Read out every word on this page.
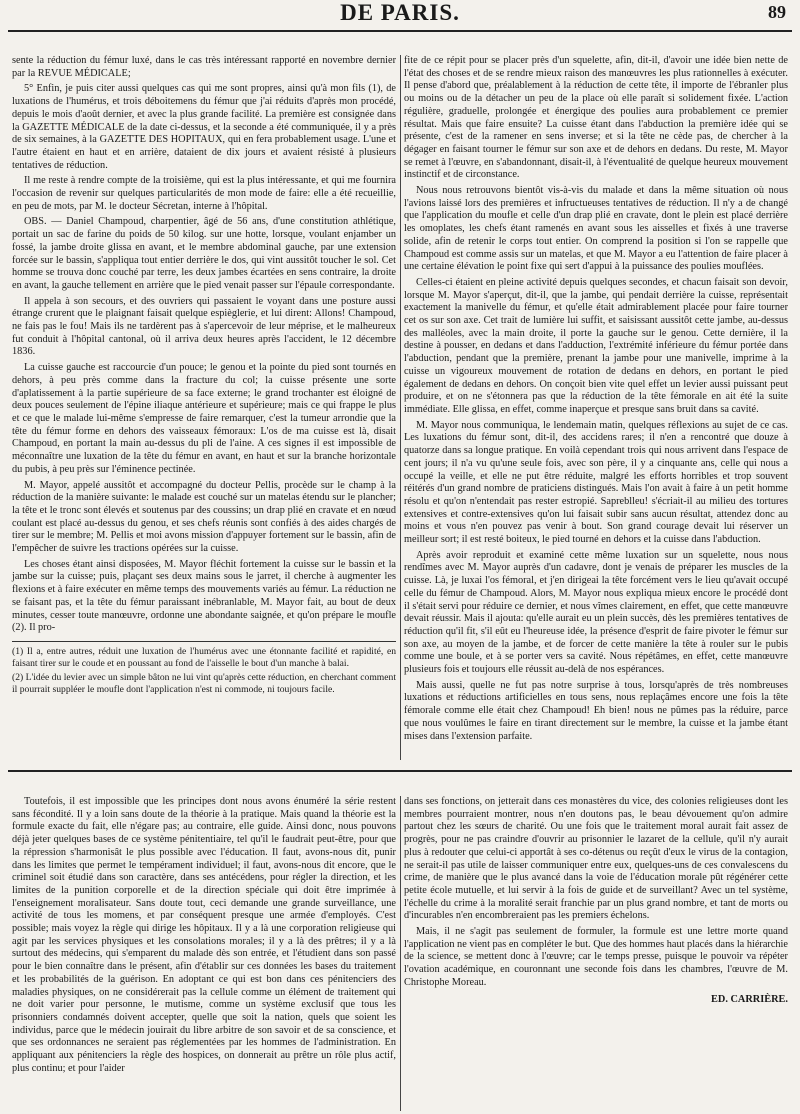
DE PARIS.	89

sente la réduction du fémur luxé, dans le cas très intéressant rapporté en novembre dernier par la REVUE MÉDICALE;

5° Enfin, je puis citer aussi quelques cas qui me sont propres, ainsi qu'à mon fils (1), de luxations de l'humérus, et trois déboitemens du fémur que j'ai réduits d'après mon procédé, depuis le mois d'août dernier, et avec la plus grande facilité. La première est consignée dans la GAZETTE MÉDICALE de la date ci-dessus, et la seconde a été communiquée, il y a près de six semaines, à la GAZETTE DES HOPITAUX, qui en fera probablement usage. L'une et l'autre étaient en haut et en arrière, dataient de dix jours et avaient résisté à plusieurs tentatives de réduction.

Il me reste à rendre compte de la troisième, qui est la plus intéressante, et qui me fournira l'occasion de revenir sur quelques particularités de mon mode de faire: elle a été recueillie, en peu de mots, par M. le docteur Sécretan, interne à l'hôpital.

OBS. — Daniel Champoud, charpentier, âgé de 56 ans, d'une constitution athlétique, portait un sac de farine du poids de 50 kilog. sur une hotte, lorsque, voulant enjamber un fossé, la jambe droite glissa en avant, et le membre abdominal gauche, par une extension forcée sur le bassin, s'appliqua tout entier derrière le dos, qui vint aussitôt toucher le sol. Cet homme se trouva donc couché par terre, les deux jambes écartées en sens contraire, la droite en avant, la gauche tellement en arrière que le pied venait passer sur l'épaule correspondante.

Il appela à son secours, et des ouvriers qui passaient le voyant dans une posture aussi étrange crurent que le plaignant faisait quelque espièglerie, et lui dirent: Allons! Champoud, ne fais pas le fou! Mais ils ne tardèrent pas à s'apercevoir de leur méprise, et le malheureux fut conduit à l'hôpital cantonal, où il arriva deux heures après l'accident, le 12 décembre 1836.

La cuisse gauche est raccourcie d'un pouce; le genou et la pointe du pied sont tournés en dehors, à peu près comme dans la fracture du col; la cuisse présente une sorte d'aplatissement à la partie supérieure de sa face externe; le grand trochanter est éloigné de deux pouces seulement de l'épine iliaque antérieure et supérieure; mais ce qui frappe le plus et ce que le malade lui-même s'empresse de faire remarquer, c'est la tumeur arrondie que la tête du fémur forme en dehors des vaisseaux fémoraux: L'os de ma cuisse est là, disait Champoud, en portant la main au-dessus du pli de l'aine. A ces signes il est impossible de méconnaître une luxation de la tête du fémur en avant, en haut et sur la branche horizontale du pubis, à peu près sur l'éminence pectinée.

M. Mayor, appelé aussitôt et accompagné du docteur Pellis, procède sur le champ à la réduction de la manière suivante: le malade est couché sur un matelas étendu sur le plancher; la tête et le tronc sont élevés et soutenus par des coussins; un drap plié en cravate et en nœud coulant est placé au-dessus du genou, et ses chefs réunis sont confiés à des aides chargés de tirer sur le membre; M. Pellis et moi avons mission d'appuyer fortement sur le bassin, afin de l'empêcher de suivre les tractions opérées sur la cuisse.

Les choses étant ainsi disposées, M. Mayor fléchit fortement la cuisse sur le bassin et la jambe sur la cuisse; puis, plaçant ses deux mains sous le jarret, il cherche à augmenter les flexions et à faire exécuter en même temps des mouvements variés au fémur. La réduction ne se faisant pas, et la tête du fémur paraissant inébranlable, M. Mayor fait, au bout de deux minutes, cesser toute manœuvre, ordonne une abondante saignée, et qu'on prépare le moufle (2). Il pro-

(1) Il a, entre autres, réduit une luxation de l'humérus avec une étonnante facilité et rapidité, en faisant tirer sur le coude et en poussant au fond de l'aisselle le bout d'un manche à balai.

(2) L'idée du levier avec un simple bâton ne lui vint qu'après cette réduction, en cherchant comment il pourrait suppléer le moufle dont l'application n'est ni commode, ni toujours facile.

fite de ce répit pour se placer près d'un squelette, afin, dit-il, d'avoir une idée bien nette de l'état des choses et de se rendre mieux raison des manœuvres les plus rationnelles à exécuter. Il pense d'abord que, préalablement à la réduction de cette tête, il importe de l'ébranler plus ou moins ou de la détacher un peu de la place où elle paraît si solidement fixée. L'action régulière, graduelle, prolongée et énergique des poulies aura probablement ce premier résultat. Mais que faire ensuite? La cuisse étant dans l'abduction la première idée qui se présente, c'est de la ramener en sens inverse; et si la tête ne cède pas, de chercher à la dégager en faisant tourner le fémur sur son axe et de dehors en dedans. Du reste, M. Mayor se remet à l'œuvre, en s'abandonnant, disait-il, à l'éventualité de quelque heureux mouvement instinctif et de circonstance.

Nous nous retrouvons bientôt vis-à-vis du malade et dans la même situation où nous l'avions laissé lors des premières et infructueuses tentatives de réduction. Il n'y a de changé que l'application du moufle et celle d'un drap plié en cravate, dont le plein est placé derrière les omoplates, les chefs étant ramenés en avant sous les aisselles et fixés à une traverse solide, afin de retenir le corps tout entier. On comprend la position si l'on se rappelle que Champoud est comme assis sur un matelas, et que M. Mayor a eu l'attention de faire placer à une certaine élévation le point fixe qui sert d'appui à la puissance des poulies mouflées.

Celles-ci étaient en pleine activité depuis quelques secondes, et chacun faisait son devoir, lorsque M. Mayor s'aperçut, dit-il, que la jambe, qui pendait derrière la cuisse, représentait exactement la manivelle du fémur, et qu'elle était admirablement placée pour faire tourner cet os sur son axe. Cet trait de lumière lui suffit, et saisissant aussitôt cette jambe, au-dessus des malléoles, avec la main droite, il porte la gauche sur le genou. Cette dernière, il la destine à pousser, en dedans et dans l'adduction, l'extrémité inférieure du fémur portée dans l'abduction, pendant que la première, prenant la jambe pour une manivelle, imprime à la cuisse un vigoureux mouvement de rotation de dedans en dehors, en portant le pied également de dedans en dehors. On conçoit bien vite quel effet un levier aussi puissant peut produire, et on ne s'étonnera pas que la réduction de la tête fémorale en ait été la suite immédiate. Elle glissa, en effet, comme inaperçue et presque sans bruit dans sa cavité.

M. Mayor nous communiqua, le lendemain matin, quelques réflexions au sujet de ce cas. Les luxations du fémur sont, dit-il, des accidens rares; il n'en a rencontré que douze à quatorze dans sa longue pratique. En voilà cependant trois qui nous arrivent dans l'espace de cent jours; il n'a vu qu'une seule fois, avec son père, il y a cinquante ans, celle qui nous a occupé la veille, et elle ne put être réduite, malgré les efforts horribles et trop souvent réitérés d'un grand nombre de praticiens distingués. Mais l'on avait à faire à un petit homme résolu et qu'on n'entendait pas rester estropié. Sapreblleu! s'écriait-il au milieu des tortures extensives et contre-extensives qu'on lui faisait subir sans aucun résultat, attendez donc au moins et vous n'en pouvez pas venir à bout. Son grand courage devait lui réserver un meilleur sort; il est resté boiteux, le pied tourné en dehors et la cuisse dans l'abduction.

Après avoir reproduit et examiné cette même luxation sur un squelette, nous nous rendîmes avec M. Mayor auprès d'un cadavre, dont je venais de préparer les muscles de la cuisse. Là, je luxai l'os fémoral, et j'en dirigeai la tête forcément vers le lieu qu'avait occupé celle du fémur de Champoud. Alors, M. Mayor nous expliqua mieux encore le procédé dont il s'était servi pour réduire ce dernier, et nous vîmes clairement, en effet, que cette manœuvre devait réussir. Mais il ajouta: qu'elle aurait eu un plein succès, dès les premières tentatives de réduction qu'il fit, s'il eût eu l'heureuse idée, la présence d'esprit de faire pivoter le fémur sur son axe, au moyen de la jambe, et de forcer de cette manière la tête à rouler sur le pubis comme une boule, et à se porter vers sa cavité. Nous répétâmes, en effet, cette manœuvre plusieurs fois et toujours elle réussit au-delà de nos espérances.

Mais aussi, quelle ne fut pas notre surprise à tous, lorsqu'après de très nombreuses luxations et réductions artificielles en tous sens, nous replaçâmes encore une fois la tête fémorale comme elle était chez Champoud! Eh bien! nous ne pûmes pas la réduire, parce que nous voulûmes le faire en tirant directement sur le membre, la cuisse et la jambe étant mises dans l'extension parfaite.

Toutefois, il est impossible que les principes dont nous avons énuméré la série restent sans fécondité. Il y a loin sans doute de la théorie à la pratique. Mais quand la théorie est la formule exacte du fait, elle n'égare pas; au contraire, elle guide. Ainsi donc, nous pouvons déjà jeter quelques bases de ce système pénitentiaire, tel qu'il le faudrait peut-être, pour que la répression s'harmonisât le plus possible avec l'éducation. Il faut, avons-nous dit, punir dans les limites que permet le tempérament individuel; il faut, avons-nous dit encore, que le criminel soit étudié dans son caractère, dans ses antécédens, pour régler la direction, et les limites de la punition corporelle et de la direction spéciale qui doit être imprimée à l'enseignement moralisateur. Sans doute tout, ceci demande une grande surveillance, une activité de tous les momens, et par conséquent presque une armée d'employés. C'est possible; mais voyez la règle qui dirige les hôpitaux. Il y a là une corporation religieuse qui agit par les services physiques et les consolations morales; il y a là des prêtres; il y a là surtout des médecins, qui s'emparent du malade dès son entrée, et l'étudient dans son passé pour le bien connaître dans le présent, afin d'établir sur ces données les bases du traitement et les probabilités de la guérison. En adoptant ce qui est bon dans ces pénitenciers des maladies physiques, on ne considérerait pas la cellule comme un élément de traitement qui ne doit varier pour personne, le mutisme, comme un système exclusif que tous les prisonniers condamnés doivent accepter, quelle que soit la nation, quels que soient les individus, parce que le médecin jouirait du libre arbitre de son savoir et de sa conscience, et que ses ordonnances ne seraient pas réglementées par les hommes de l'administration. En appliquant aux pénitenciers la règle des hospices, on donnerait au prêtre un rôle plus actif, plus continu; et pour l'aider

dans ses fonctions, on jetterait dans ces monastères du vice, des colonies religieuses dont les membres pourraient montrer, nous n'en doutons pas, le beau dévouement qu'on admire partout chez les sœurs de charité. Ou une fois que le traitement moral aurait fait assez de progrès, pour ne pas craindre d'ouvrir au prisonnier le lazaret de la cellule, qu'il n'y aurait plus à redouter que celui-ci apportât à ses co-détenus ou reçût d'eux le virus de la contagion, ne serait-il pas utile de laisser communiquer entre eux, quelques-uns de ces convalescens du crime, de manière que le plus avancé dans la voie de l'éducation morale pût régénérer cette petite école mutuelle, et lui servir à la fois de guide et de surveillant? Avec un tel système, l'échelle du crime à la moralité serait franchie par un plus grand nombre, et tant de morts ou d'incurables n'en encombreraient pas les premiers échelons.

Mais, il ne s'agit pas seulement de formuler, la formule est une lettre morte quand l'application ne vient pas en compléter le but. Que des hommes haut placés dans la hiérarchie de la science, se mettent donc à l'œuvre; car le temps presse, puisque le pouvoir va répéter l'ovation académique, en couronnant une seconde fois dans les chambres, l'œuvre de M. Christophe Moreau.

ED. CARRIÈRE.
